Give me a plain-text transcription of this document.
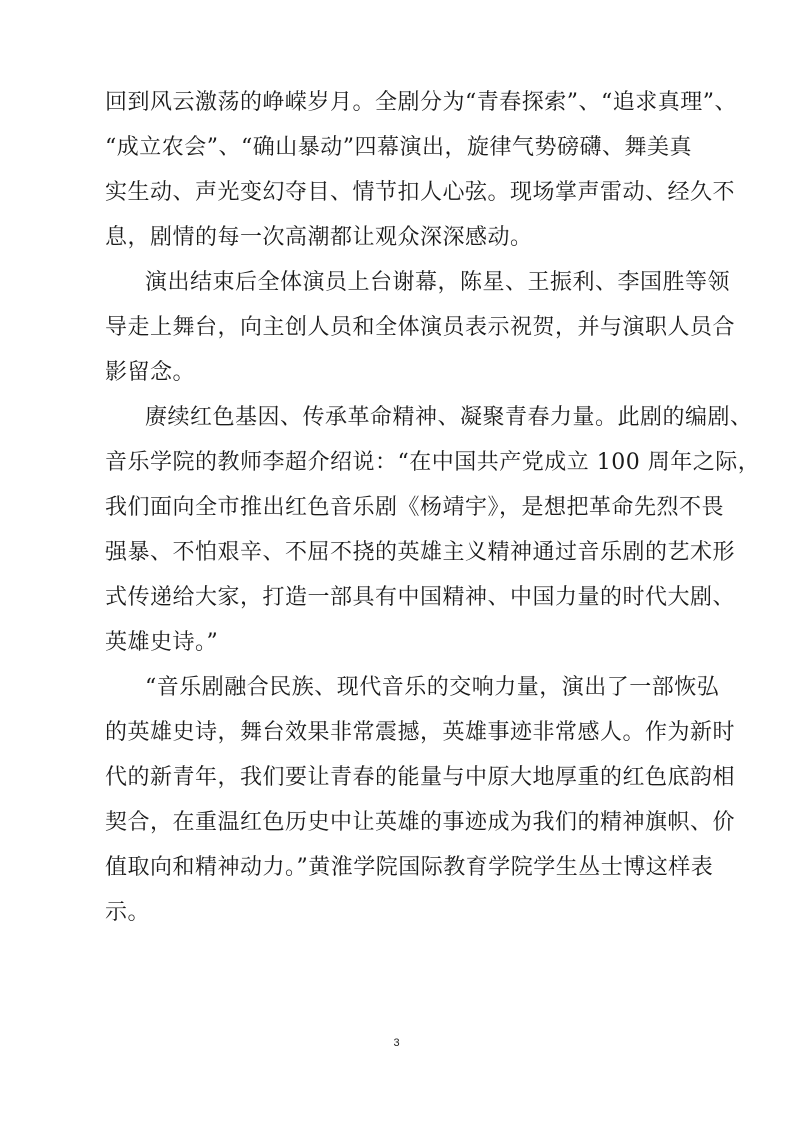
回到风云激荡的峥嵘岁月。全剧分为“青春探索”、“追求真理”、
“成立农会”、“确山暴动”四幕演出，旋律气势磅礴、舞美真
实生动、声光变幻夺目、情节扣人心弦。现场掌声雷动、经久不
息，剧情的每一次高潮都让观众深深感动。
演出结束后全体演员上台谢幕，陈星、王振利、李国胜等领
导走上舞台，向主创人员和全体演员表示祝贺，并与演职人员合
影留念。
赓续红色基因、传承革命精神、凝聚青春力量。此剧的编剧、
音乐学院的教师李超介绍说：“在中国共产党成立 100 周年之际，
我们面向全市推出红色音乐剧《杨靖宇》，是想把革命先烈不畏
强暴、不怕艰辛、不屈不挠的英雄主义精神通过音乐剧的艺术形
式传递给大家，打造一部具有中国精神、中国力量的时代大剧、
英雄史诗。”
“音乐剧融合民族、现代音乐的交响力量，演出了一部恢弘
的英雄史诗，舞台效果非常震撼，英雄事迹非常感人。作为新时
代的新青年，我们要让青春的能量与中原大地厚重的红色底韵相
契合，在重温红色历史中让英雄的事迹成为我们的精神旗帜、价
值取向和精神动力。”黄淮学院国际教育学院学生丛士博这样表
示。
3
